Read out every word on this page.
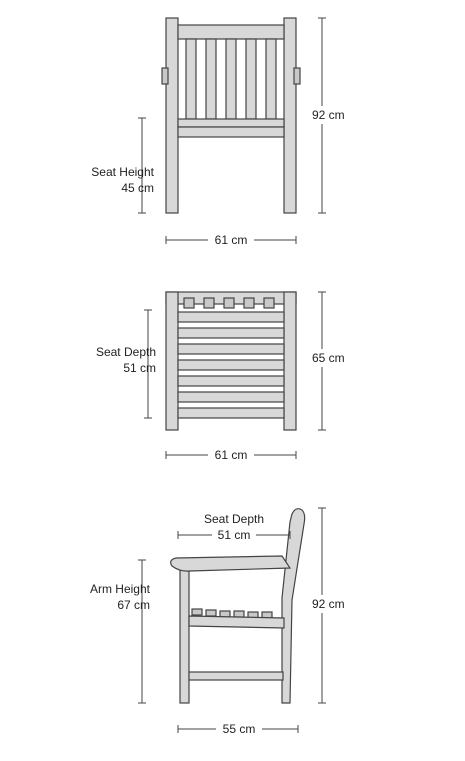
92 cm
Seat Height
45 cm
61 cm
65 cm
Seat Depth
51 cm
61 cm
Seat Depth
51 cm
Arm Height
67 cm	92 cm
55 cm
